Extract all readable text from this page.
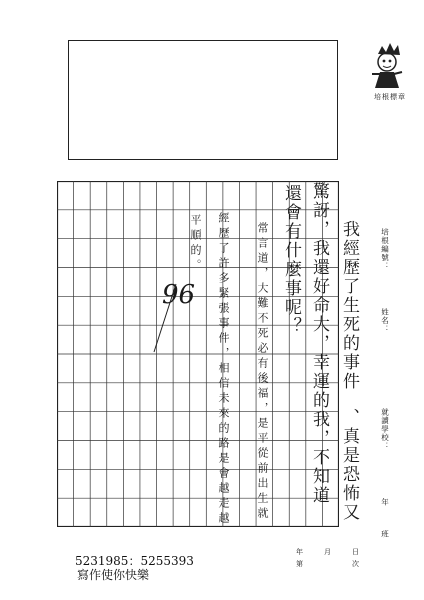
培根標章
培根編號：
姓名：
就讀學校：
年
班
我經歷了生死的事件
、真是恐怖又
驚訝，我還好命大，幸運的我，不知道
還會有什麼事呢？
常言道，大難不死必有後福，是平從前出生就
經歷了許多緊張事件，相信未來的路是會越走越
平順的。
96
年	月	日
第	次
5231985：5255393
寫作使你快樂
